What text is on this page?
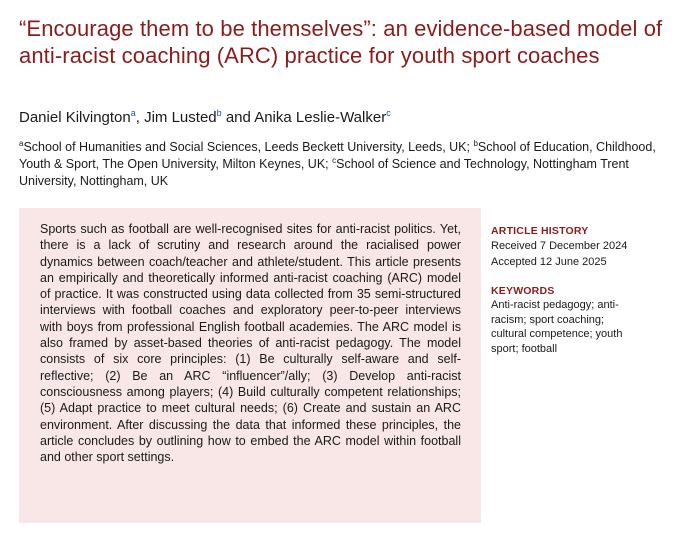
“Encourage them to be themselves”: an evidence-based model of anti-racist coaching (ARC) practice for youth sport coaches
Daniel Kilvington$^a$, Jim Lusted$^b$ and Anika Leslie-Walker$^c$
$^a$School of Humanities and Social Sciences, Leeds Beckett University, Leeds, UK; $^b$School of Education, Childhood, Youth & Sport, The Open University, Milton Keynes, UK; $^c$School of Science and Technology, Nottingham Trent University, Nottingham, UK

Sports such as football are well-recognised sites for anti-racist politics. Yet, there is a lack of scrutiny and research around the racialised power dynamics between coach/teacher and athlete/student. This article presents an empirically and theoretically informed anti-racist coaching (ARC) model of practice. It was constructed using data collected from 35 semi-structured interviews with football coaches and exploratory peer-to-peer interviews with boys from professional English football academies. The ARC model is also framed by asset-based theories of anti-racist pedagogy. The model consists of six core principles: (1) Be culturally self-aware and self-reflective; (2) Be an ARC “influencer”/ally; (3) Develop anti-racist consciousness among players; (4) Build culturally competent relationships; (5) Adapt practice to meet cultural needs; (6) Create and sustain an ARC environment. After discussing the data that informed these principles, the article concludes by outlining how to embed the ARC model within football and other sport settings.

ARTICLE HISTORY
Received 7 December 2024
Accepted 12 June 2025
KEYWORDS
Anti-racist pedagogy; anti-racism; sport coaching; cultural competence; youth sport; football
